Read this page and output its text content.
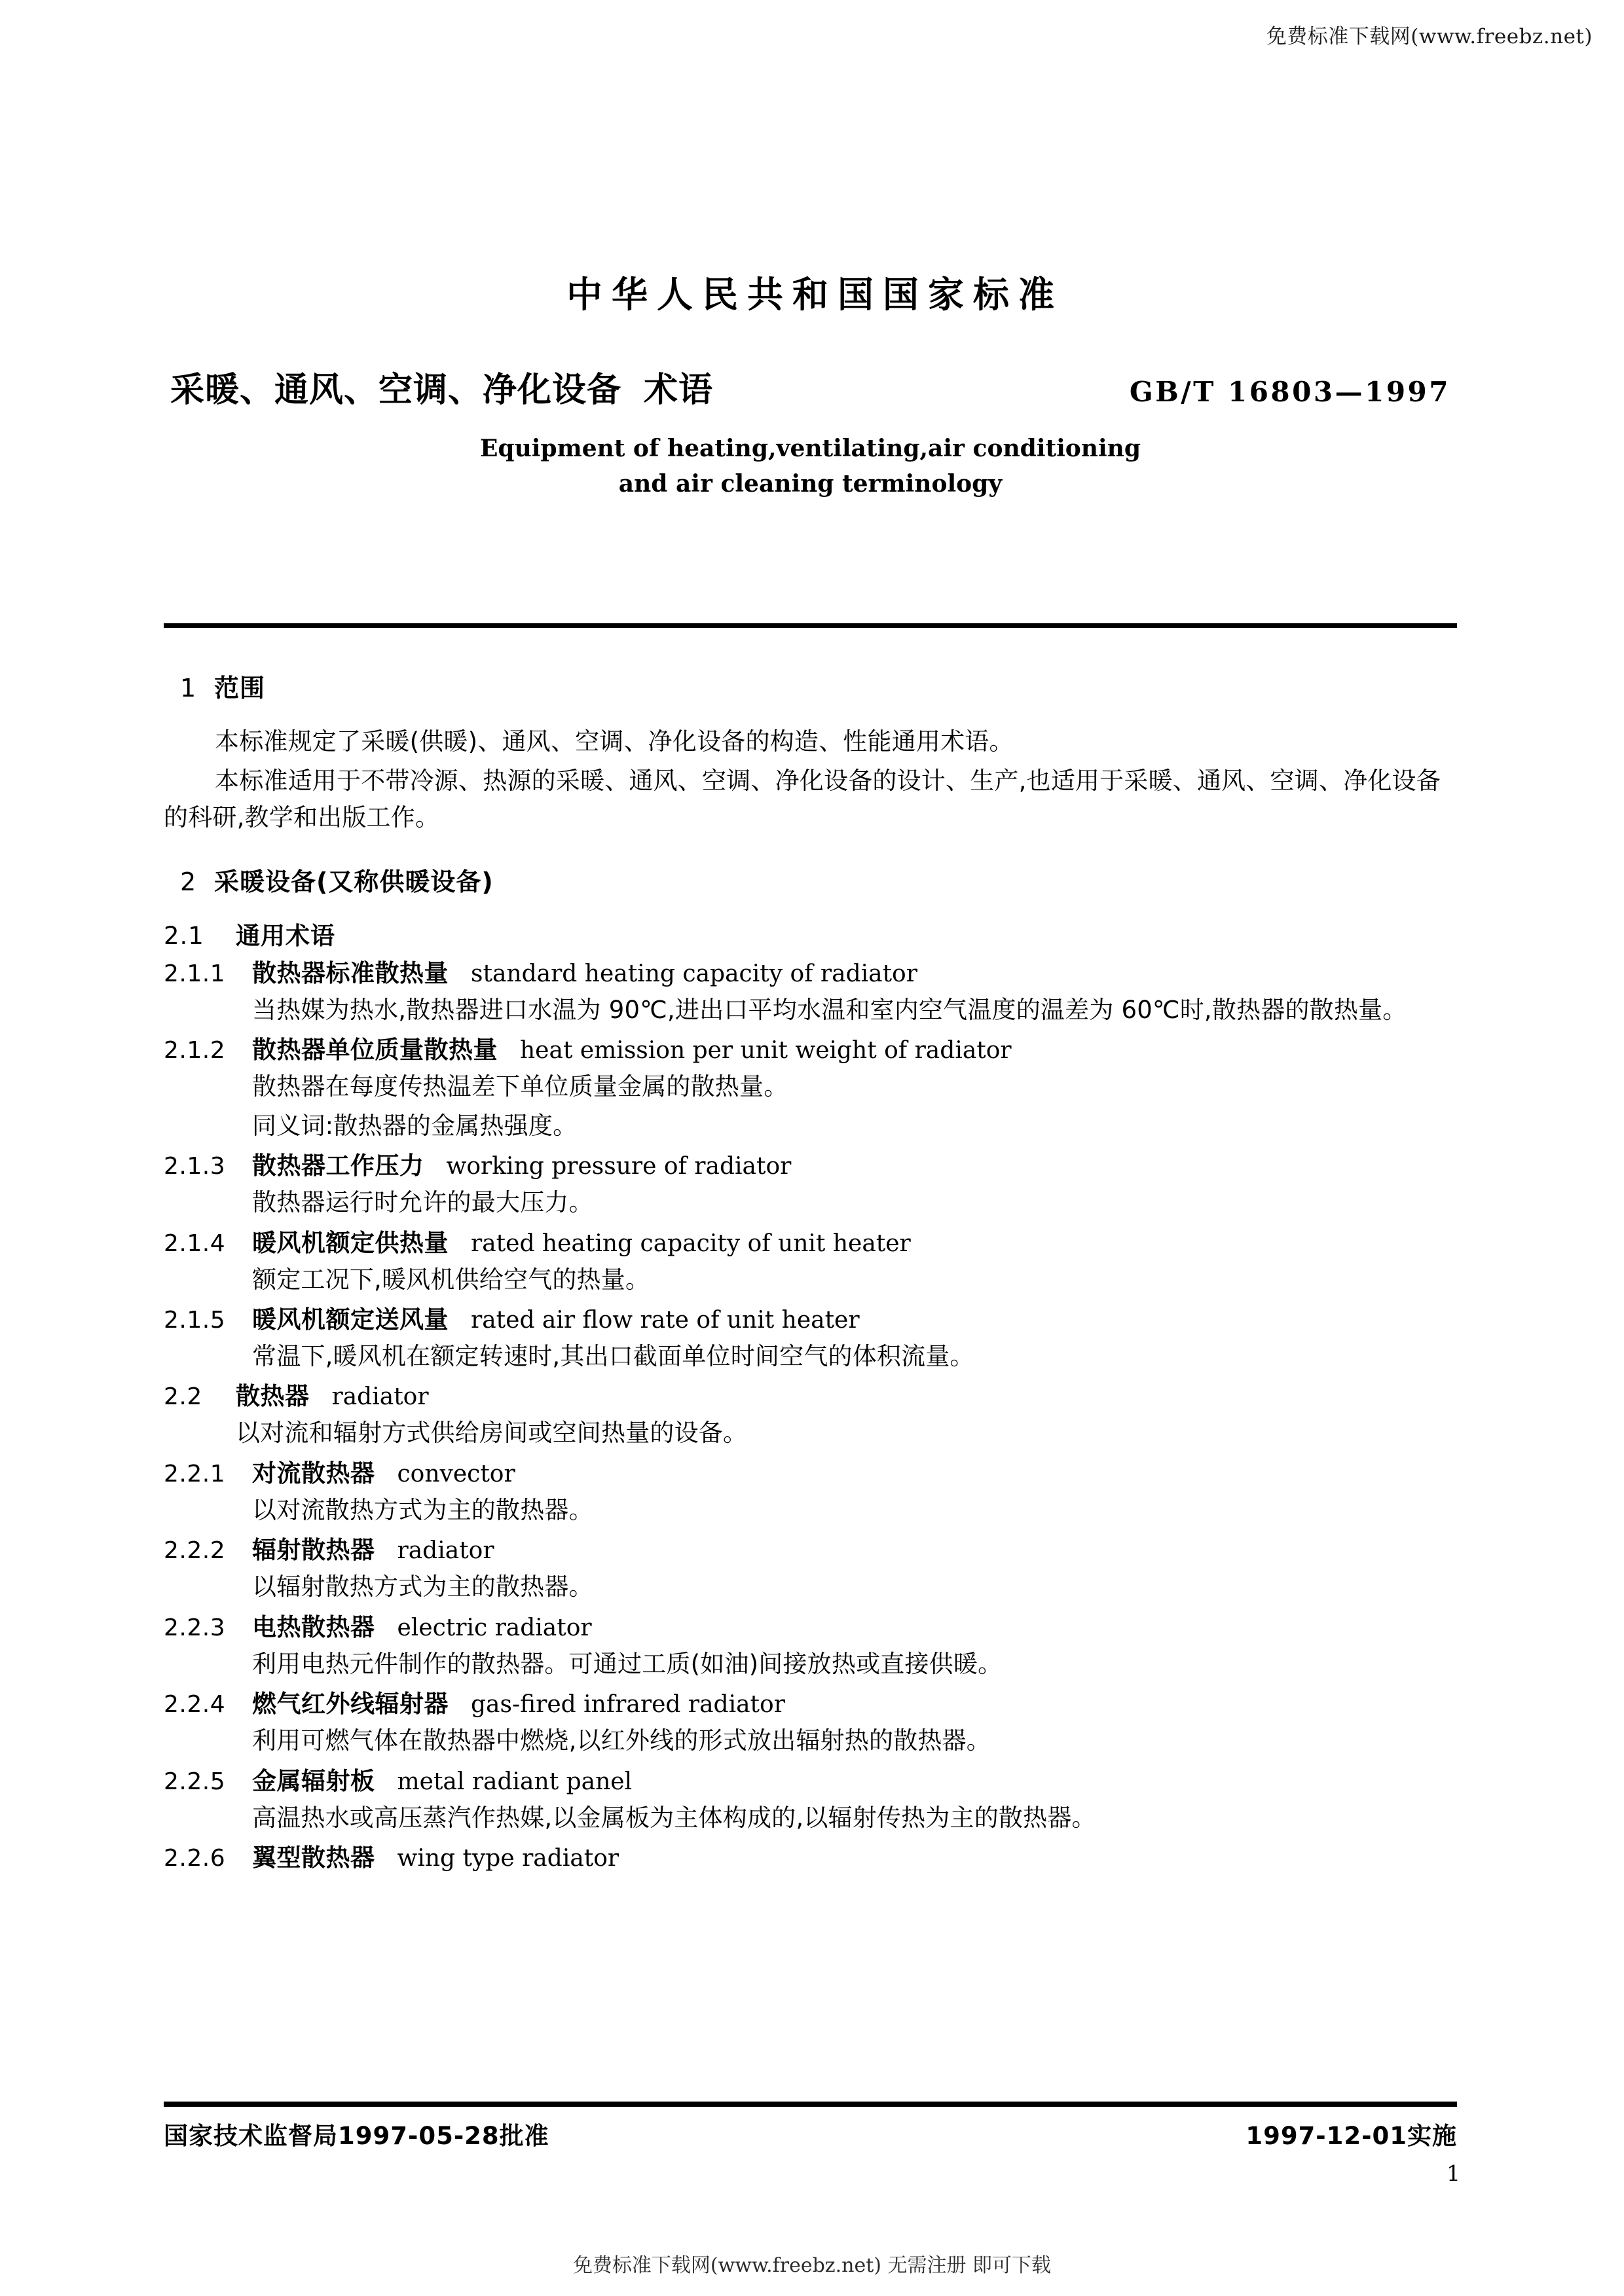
免费标准下载网(www.freebz.net)
中华人民共和国国家标准
采暖、通风、空调、净化设备 术语	GB/T 16803—1997
Equipment of heating,ventilating,air conditioning
and air cleaning terminology
1 范围

本标准规定了采暖(供暖)、通风、空调、净化设备的构造、性能通用术语。

本标准适用于不带冷源、热源的采暖、通风、空调、净化设备的设计、生产,也适用于采暖、通风、空调、净化设备的科研,教学和出版工作。

2 采暖设备(又称供暖设备)
2.1 通用术语
2.1.1	散热器标准散热量 standard heating capacity of radiator
当热媒为热水,散热器进口水温为 90℃,进出口平均水温和室内空气温度的温差为 60℃时,散热器的散热量。
2.1.2	散热器单位质量散热量 heat emission per unit weight of radiator
散热器在每度传热温差下单位质量金属的散热量。
同义词:散热器的金属热强度。
2.1.3	散热器工作压力 working pressure of radiator
散热器运行时允许的最大压力。
2.1.4	暖风机额定供热量 rated heating capacity of unit heater
额定工况下,暖风机供给空气的热量。
2.1.5	暖风机额定送风量 rated air flow rate of unit heater
常温下,暖风机在额定转速时,其出口截面单位时间空气的体积流量。
2.2	散热器 radiator
以对流和辐射方式供给房间或空间热量的设备。
2.2.1	对流散热器 convector
以对流散热方式为主的散热器。
2.2.2	辐射散热器 radiator
以辐射散热方式为主的散热器。
2.2.3	电热散热器 electric radiator
利用电热元件制作的散热器。可通过工质(如油)间接放热或直接供暖。
2.2.4	燃气红外线辐射器 gas-fired infrared radiator
利用可燃气体在散热器中燃烧,以红外线的形式放出辐射热的散热器。
2.2.5	金属辐射板 metal radiant panel
高温热水或高压蒸汽作热媒,以金属板为主体构成的,以辐射传热为主的散热器。
2.2.6	翼型散热器 wing type radiator
国家技术监督局1997-05-28批准	1997-12-01实施
1
免费标准下载网(www.freebz.net) 无需注册 即可下载
